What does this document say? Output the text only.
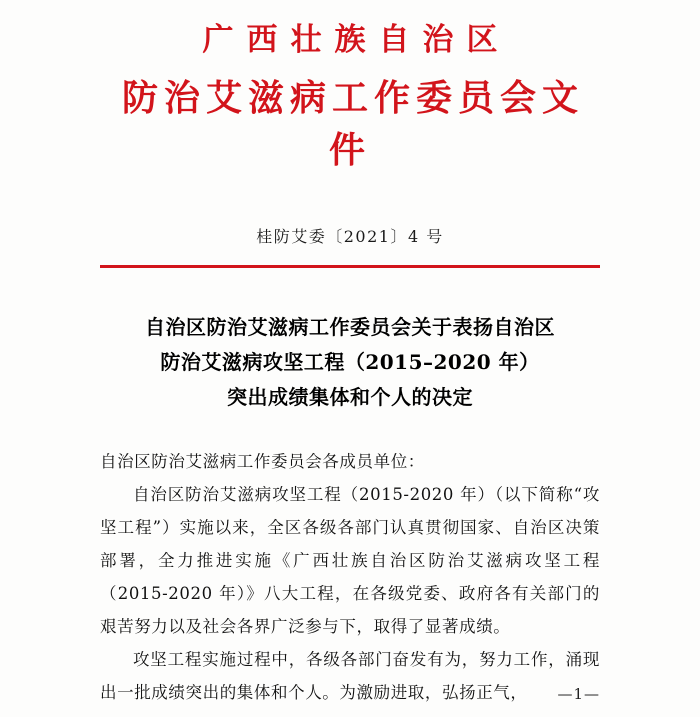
广西壮族自治区
防治艾滋病工作委员会文件
桂防艾委〔2021〕4 号
自治区防治艾滋病工作委员会关于表扬自治区
防治艾滋病攻坚工程（2015–2020 年）
突出成绩集体和个人的决定

自治区防治艾滋病工作委员会各成员单位：

自治区防治艾滋病攻坚工程（2015-2020 年）（以下简称“攻坚工程”）实施以来，全区各级各部门认真贯彻国家、自治区决策部署，全力推进实施《广西壮族自治区防治艾滋病攻坚工程（2015-2020 年）》八大工程，在各级党委、政府各有关部门的艰苦努力以及社会各界广泛参与下，取得了显著成绩。

攻坚工程实施过程中，各级各部门奋发有为，努力工作，涌现出一批成绩突出的集体和个人。为激励进取，弘扬正气，	—1—
